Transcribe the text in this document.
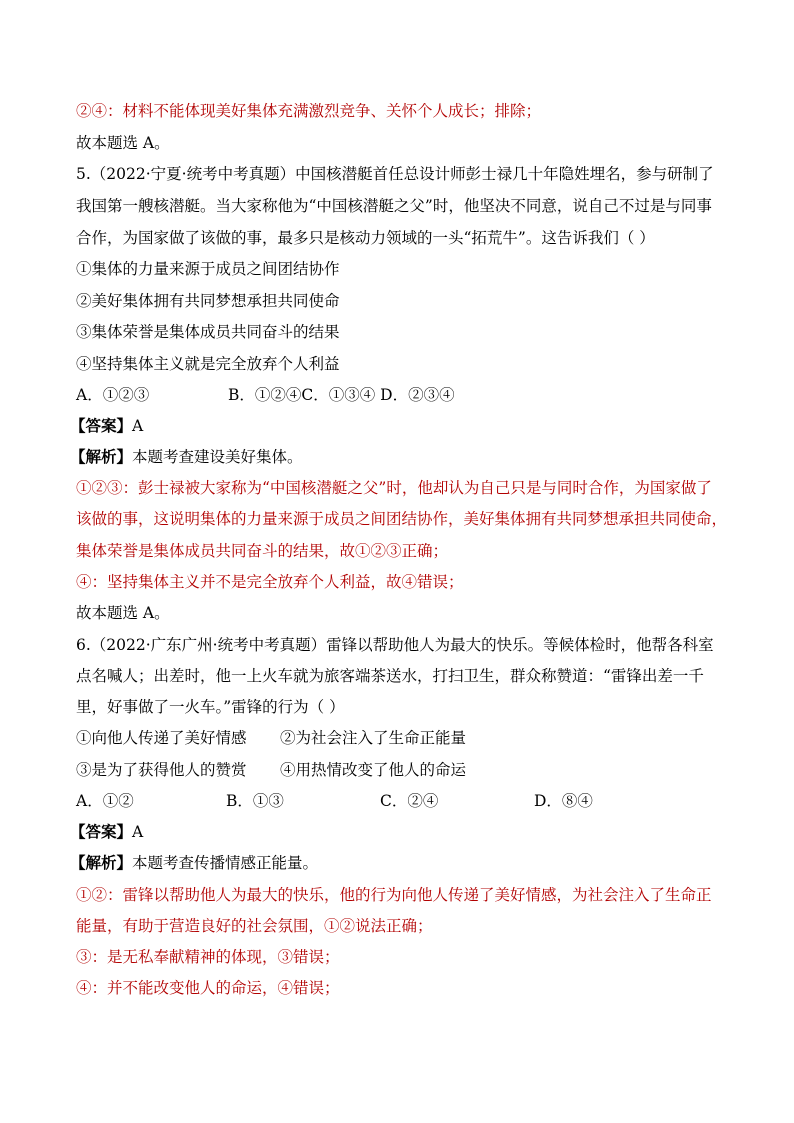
②④：材料不能体现美好集体充满激烈竞争、关怀个人成长；排除；
故本题选 A。
5.（2022·宁夏·统考中考真题）中国核潜艇首任总设计师彭士禄几十年隐姓埋名，参与研制了
我国第一艘核潜艇。当大家称他为“中国核潜艇之父”时，他坚决不同意，说自己不过是与同事
合作，为国家做了该做的事，最多只是核动力领域的一头“拓荒牛”。这告诉我们（ ）
①集体的力量来源于成员之间团结协作
②美好集体拥有共同梦想承担共同使命
③集体荣誉是集体成员共同奋斗的结果
④坚持集体主义就是完全放弃个人利益
A．①②③	B．①②④C．①③④ D．②③④
【答案】A
【解析】本题考查建设美好集体。
①②③：彭士禄被大家称为“中国核潜艇之父”时，他却认为自己只是与同时合作，为国家做了
该做的事，这说明集体的力量来源于成员之间团结协作，美好集体拥有共同梦想承担共同使命，
集体荣誉是集体成员共同奋斗的结果，故①②③正确；
④：坚持集体主义并不是完全放弃个人利益，故④错误；
故本题选 A。
6.（2022·广东广州·统考中考真题）雷锋以帮助他人为最大的快乐。等候体检时，他帮各科室
点名喊人；出差时，他一上火车就为旅客端茶送水，打扫卫生，群众称赞道：“雷锋出差一千
里，好事做了一火车。”雷锋的行为（ ）
①向他人传递了美好情感 ②为社会注入了生命正能量
③是为了获得他人的赞赏 ④用热情改变了他人的命运
A．①②	B．①③	C．②④	D．⑧④
【答案】A
【解析】本题考查传播情感正能量。
①②：雷锋以帮助他人为最大的快乐，他的行为向他人传递了美好情感，为社会注入了生命正
能量，有助于营造良好的社会氛围，①②说法正确；
③：是无私奉献精神的体现，③错误；
④：并不能改变他人的命运，④错误；
